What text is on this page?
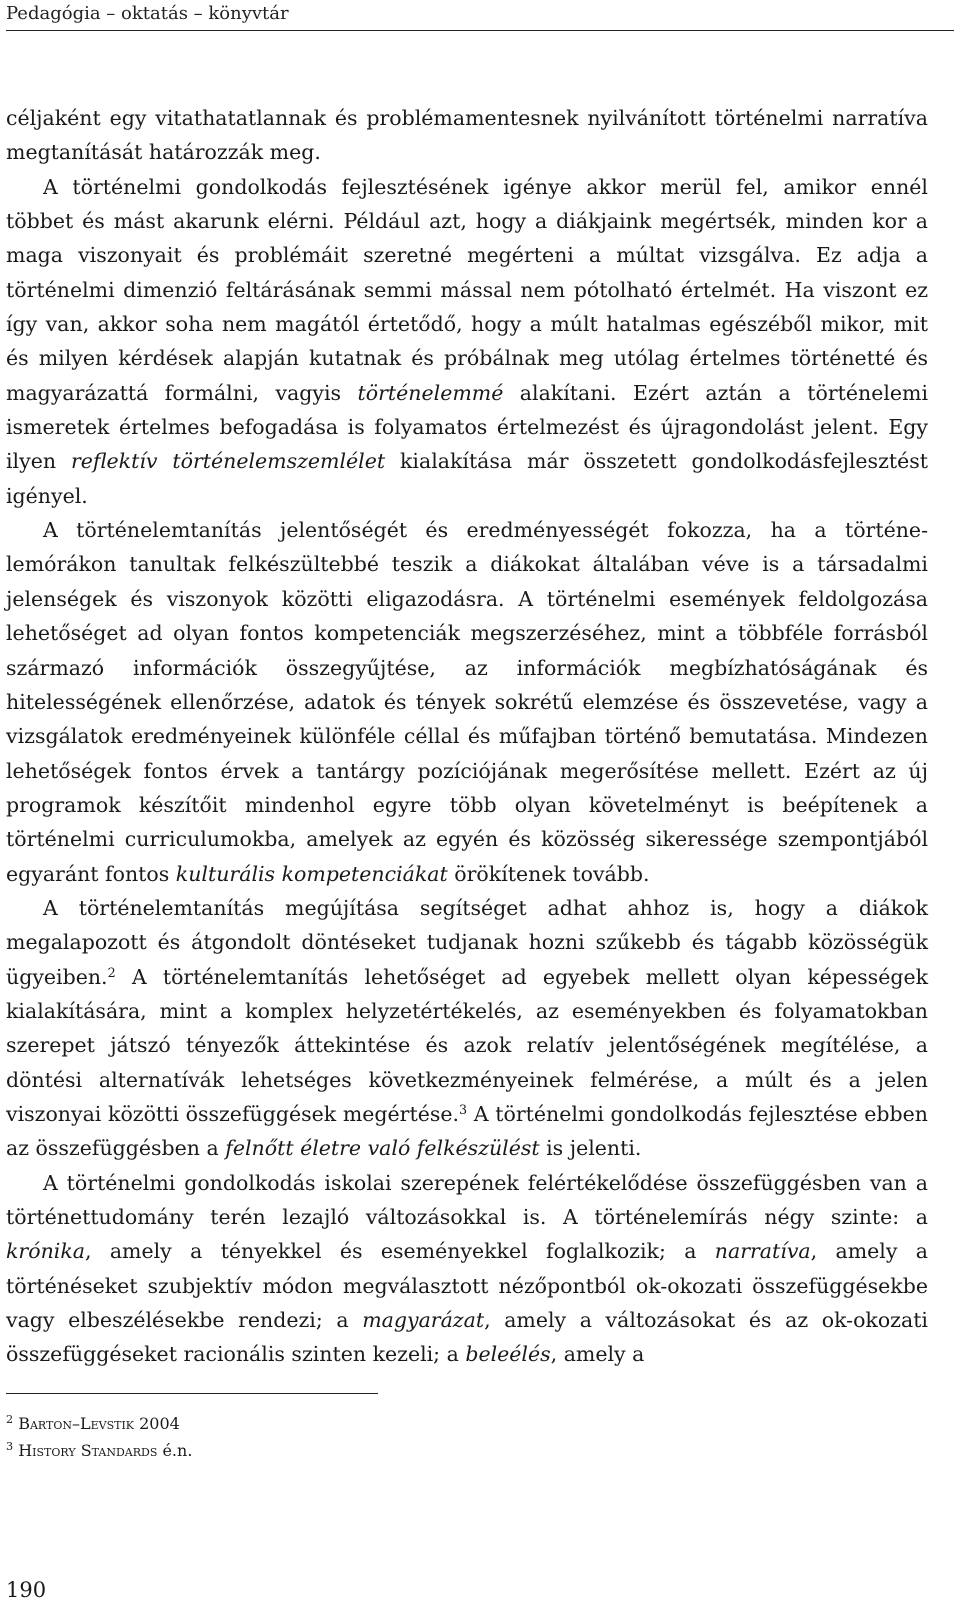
Pedagógia – oktatás – könyvtár

céljaként egy vitathatatlannak és problémamentesnek nyilvánított történelmi narratíva megtanítását határozzák meg.

A történelmi gondolkodás fejlesztésének igénye akkor merül fel, amikor ennél többet és mást akarunk elérni. Például azt, hogy a diákjaink megértsék, minden kor a maga viszonyait és problémáit szeretné megérteni a múltat vizsgálva. Ez adja a történelmi dimenzió feltárásának semmi mással nem pótolható értelmét. Ha viszont ez így van, akkor soha nem magától értetődő, hogy a múlt hatalmas egészéből mikor, mit és milyen kérdések alapján kutatnak és próbálnak meg utólag értelmes történetté és magyarázattá formálni, vagyis történelemmé alakítani. Ezért aztán a történelemi ismeretek értelmes befogadása is folyamatos értelmezést és újragondolást jelent. Egy ilyen reflektív történelemszemlélet kialakítása már összetett gondolkodásfejlesztést igényel.

A történelemtanítás jelentőségét és eredményességét fokozza, ha a történelemórákon tanultak felkészültebbé teszik a diákokat általában véve is a társadalmi jelenségek és viszonyok közötti eligazodásra. A történelmi események feldolgozása lehetőséget ad olyan fontos kompetenciák megszerzéséhez, mint a többféle forrásból származó információk összegyűjtése, az információk megbízhatóságának és hitelességének ellenőrzése, adatok és tények sokrétű elemzése és összevetése, vagy a vizsgálatok eredményeinek különféle céllal és műfajban történő bemutatása. Mindezen lehetőségek fontos érvek a tantárgy pozíciójának megerősítése mellett. Ezért az új programok készítőit mindenhol egyre több olyan követelményt is beépítenek a történelmi curriculumokba, amelyek az egyén és közösség sikeressége szempontjából egyaránt fontos kulturális kompetenciákat örökítenek tovább.

A történelemtanítás megújítása segítséget adhat ahhoz is, hogy a diákok megalapozott és átgondolt döntéseket tudjanak hozni szűkebb és tágabb közösségük ügyeiben.$^2$ A történelemtanítás lehetőséget ad egyebek mellett olyan képességek kialakítására, mint a komplex helyzetértékelés, az eseményekben és folyamatokban szerepet játszó tényezők áttekintése és azok relatív jelentőségének megítélése, a döntési alternatívák lehetséges következményeinek felmérése, a múlt és a jelen viszonyai közötti összefüggések megértése.$^3$ A történelmi gondolkodás fejlesztése ebben az összefüggésben a felnőtt életre való felkészülést is jelenti.

A történelmi gondolkodás iskolai szerepének felértékelődése összefüggésben van a történettudomány terén lezajló változásokkal is. A történelemírás négy szinte: a krónika, amely a tényekkel és eseményekkel foglalkozik; a narratíva, amely a történéseket szubjektív módon megválasztott nézőpontból ok-okozati összefüggésekbe vagy elbeszélésekbe rendezi; a magyarázat, amely a változásokat és az ok-okozati összefüggéseket racionális szinten kezeli; a beleélés, amely a

$^2$ Barton–Levstik 2004
$^3$ History Standards é.n.
190
